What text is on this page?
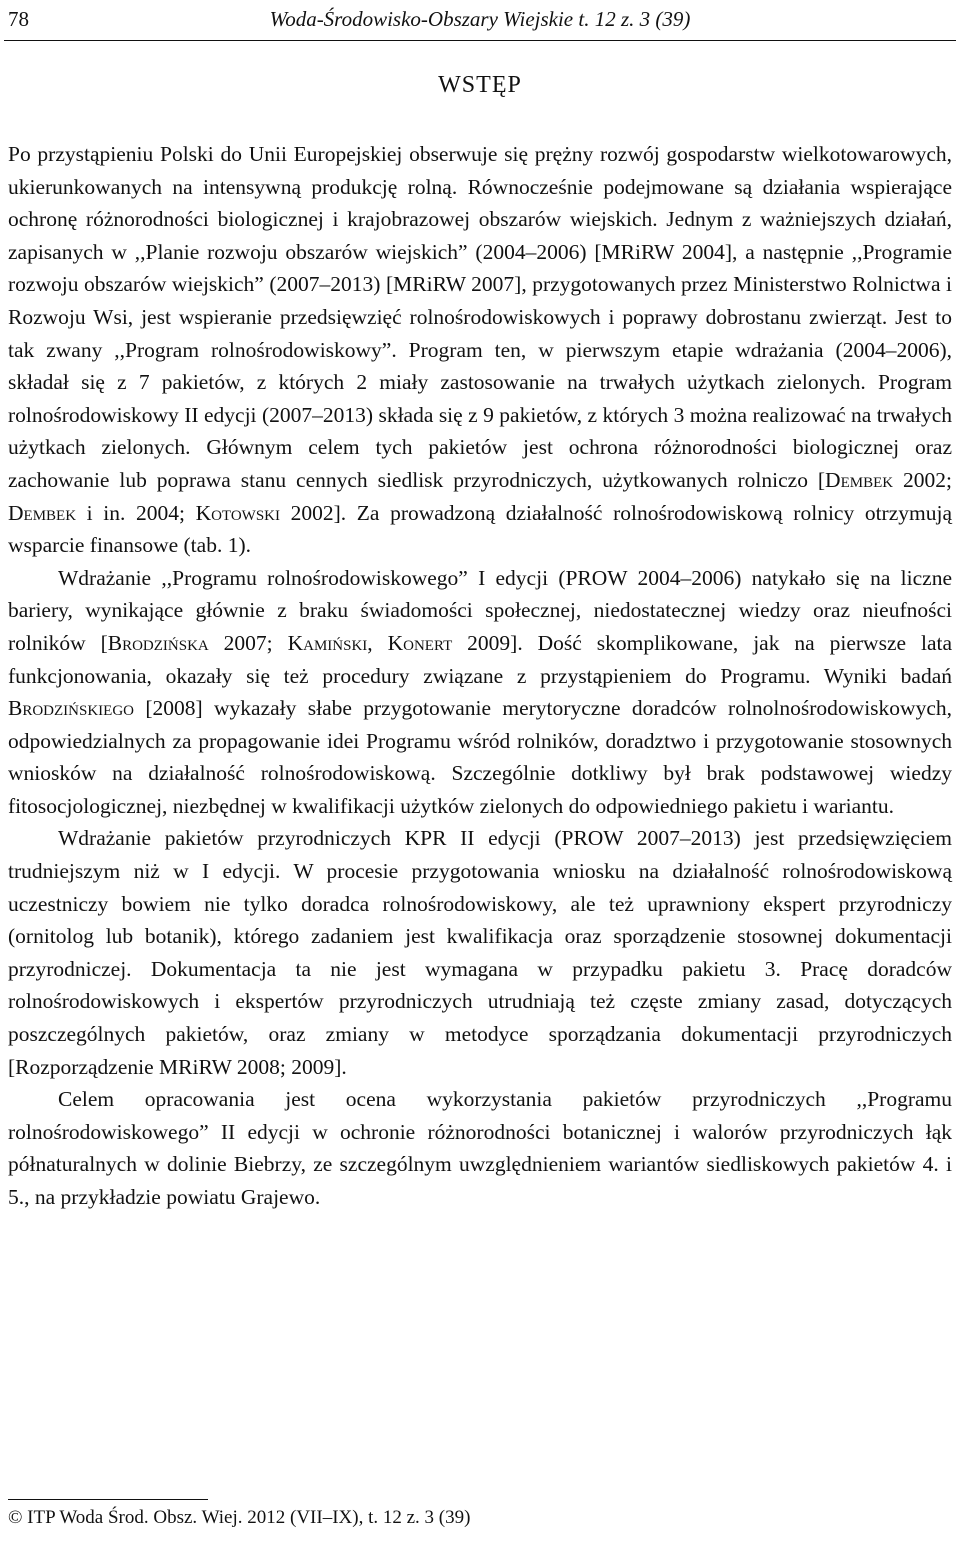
78	Woda-Środowisko-Obszary Wiejskie t. 12 z. 3 (39)
WSTĘP

Po przystąpieniu Polski do Unii Europejskiej obserwuje się prężny rozwój gospodarstw wielkotowarowych, ukierunkowanych na intensywną produkcję rolną. Równocześnie podejmowane są działania wspierające ochronę różnorodności biologicznej i krajobrazowej obszarów wiejskich. Jednym z ważniejszych działań, zapisanych w ,,Planie rozwoju obszarów wiejskich” (2004–2006) [MRiRW 2004], a następnie ,,Programie rozwoju obszarów wiejskich” (2007–2013) [MRiRW 2007], przygotowanych przez Ministerstwo Rolnictwa i Rozwoju Wsi, jest wspieranie przedsięwzięć rolnośrodowiskowych i poprawy dobrostanu zwierząt. Jest to tak zwany ,,Program rolnośrodowiskowy”. Program ten, w pierwszym etapie wdrażania (2004–2006), składał się z 7 pakietów, z których 2 miały zastosowanie na trwałych użytkach zielonych. Program rolnośrodowiskowy II edycji (2007–2013) składa się z 9 pakietów, z których 3 można realizować na trwałych użytkach zielonych. Głównym celem tych pakietów jest ochrona różnorodności biologicznej oraz zachowanie lub poprawa stanu cennych siedlisk przyrodniczych, użytkowanych rolniczo [Dembek 2002; Dembek i in. 2004; Kotowski 2002]. Za prowadzoną działalność rolnośrodowiskową rolnicy otrzymują wsparcie finansowe (tab. 1).

Wdrażanie ,,Programu rolnośrodowiskowego” I edycji (PROW 2004–2006) natykało się na liczne bariery, wynikające głównie z braku świadomości społecznej, niedostatecznej wiedzy oraz nieufności rolników [Brodzińska 2007; Kamiński, Konert 2009]. Dość skomplikowane, jak na pierwsze lata funkcjonowania, okazały się też procedury związane z przystąpieniem do Programu. Wyniki badań Brodzińskiego [2008] wykazały słabe przygotowanie merytoryczne doradców rolnolnośrodowiskowych, odpowiedzialnych za propagowanie idei Programu wśród rolników, doradztwo i przygotowanie stosownych wniosków na działalność rolnośrodowiskową. Szczególnie dotkliwy był brak podstawowej wiedzy fitosocjologicznej, niezbędnej w kwalifikacji użytków zielonych do odpowiedniego pakietu i wariantu.

Wdrażanie pakietów przyrodniczych KPR II edycji (PROW 2007–2013) jest przedsięwzięciem trudniejszym niż w I edycji. W procesie przygotowania wniosku na działalność rolnośrodowiskową uczestniczy bowiem nie tylko doradca rolnośrodowiskowy, ale też uprawniony ekspert przyrodniczy (ornitolog lub botanik), którego zadaniem jest kwalifikacja oraz sporządzenie stosownej dokumentacji przyrodniczej. Dokumentacja ta nie jest wymagana w przypadku pakietu 3. Pracę doradców rolnośrodowiskowych i ekspertów przyrodniczych utrudniają też częste zmiany zasad, dotyczących poszczególnych pakietów, oraz zmiany w metodyce sporządzania dokumentacji przyrodniczych [Rozporządzenie MRiRW 2008; 2009].

Celem opracowania jest ocena wykorzystania pakietów przyrodniczych ,,Programu rolnośrodowiskowego” II edycji w ochronie różnorodności botanicznej i walorów przyrodniczych łąk półnaturalnych w dolinie Biebrzy, ze szczególnym uwzględnieniem wariantów siedliskowych pakietów 4. i 5., na przykładzie powiatu Grajewo.

© ITP Woda Środ. Obsz. Wiej. 2012 (VII–IX), t. 12 z. 3 (39)
